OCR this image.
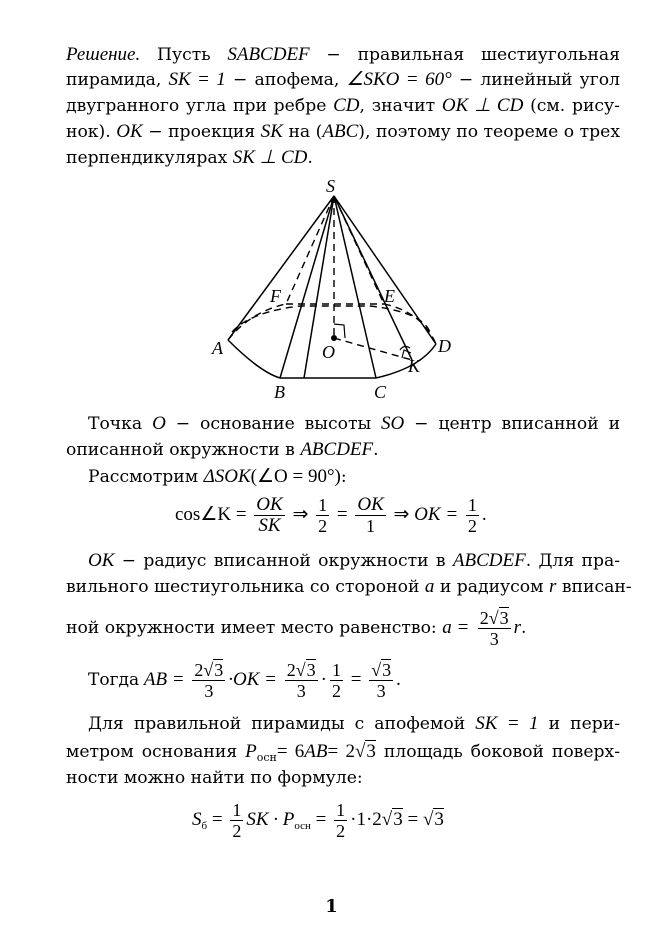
Решение. Пусть SABCDEF − правильная шестиугольная
пирамида, SK = 1 − апофема, ∠SKO = 60° − линейный угол
двугранного угла при ребре CD, значит OK ⊥ CD (см. рису-
нок). OK − проекция SK на (ABC), поэтому по теореме о трех
перпендикулярах SK ⊥ CD.
S
F	E
A	D
O
K
B	C
Точка O − основание высоты SO − центр вписанной и
описанной окружности в ABCDEF.
Рассмотрим ΔSOK(∠O = 90°):
cos∠K = $\frac{OK}{SK}$ ⇒ $\frac{1}{2} = \frac{OK}{1}$ ⇒ OK = $\frac{1}{2}$ .
OK − радиус вписанной окружности в ABCDEF. Для пра-
вильного шестиугольника со стороной a и радиусом r вписан-
ной окружности имеет место равенство: $a = \frac{2√3}{3} r$.
Тогда AB = $\frac{2√3}{3} \cdot OK = \frac{2√3}{3} \cdot \frac{1}{2} = \frac{√3}{3}$ .
Для правильной пирамиды с апофемой SK = 1 и пери-
метром основания $P_{осн}= 6AB= 2√3$ площадь боковой поверх-
ности можно найти по формуле:
$S_б = \frac{1}{2}$ SK · $P_{осн} = \frac{1}{2} \cdot 1\cdot 2√3 = √3$
1
